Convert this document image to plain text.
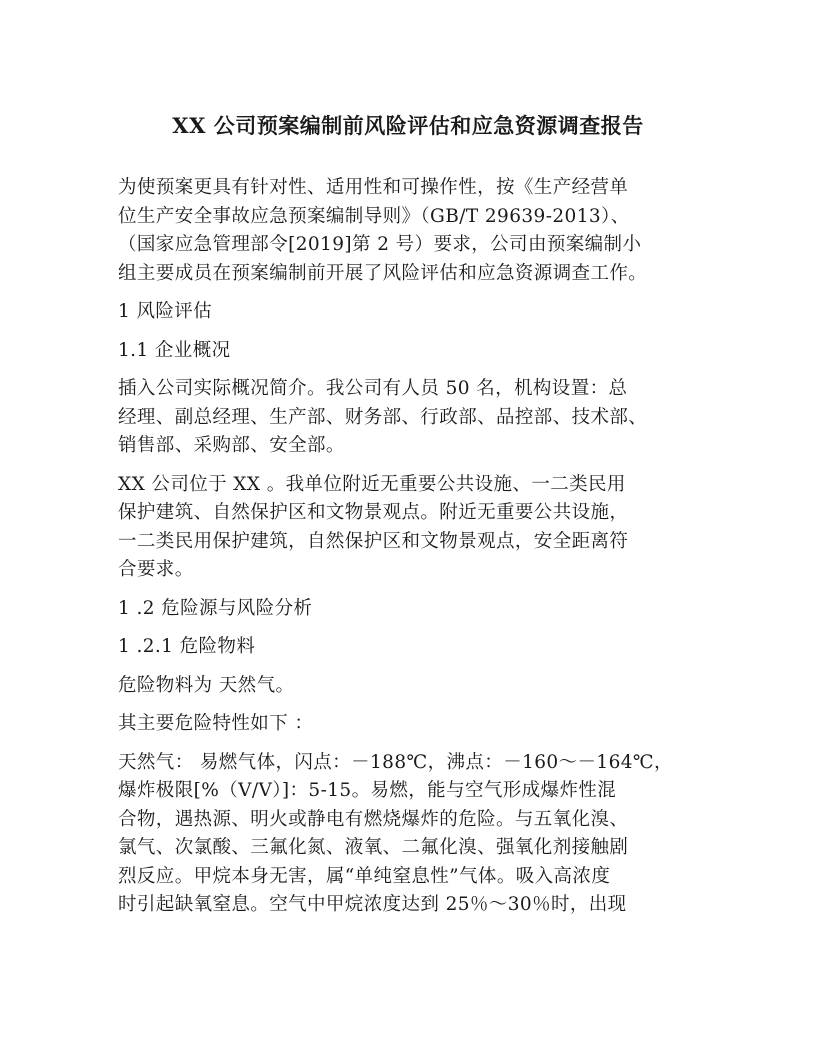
XX 公司预案编制前风险评估和应急资源调查报告

为使预案更具有针对性、适用性和可操作性，按《生产经营单
位生产安全事故应急预案编制导则》（GB/T 29639-2013）、
（国家应急管理部令[2019]第 2 号）要求，公司由预案编制小
组主要成员在预案编制前开展了风险评估和应急资源调查工作。

1 风险评估

1.1 企业概况

插入公司实际概况简介。我公司有人员 50 名，机构设置：总
经理、副总经理、生产部、财务部、行政部、品控部、技术部、
销售部、采购部、安全部。

XX 公司位于 XX 。我单位附近无重要公共设施、一二类民用
保护建筑、自然保护区和文物景观点。附近无重要公共设施，
一二类民用保护建筑，自然保护区和文物景观点，安全距离符
合要求。

1 .2 危险源与风险分析

1 .2.1 危险物料

危险物料为 天然气。

其主要危险特性如下 ：

天然气： 易燃气体，闪点：－188℃，沸点：－160～－164℃，
爆炸极限[%（V/V）]：5-15。易燃，能与空气形成爆炸性混
合物，遇热源、明火或静电有燃烧爆炸的危险。与五氧化溴、
氯气、次氯酸、三氟化氮、液氧、二氟化溴、强氧化剂接触剧
烈反应。甲烷本身无害，属“单纯窒息性”气体。吸入高浓度
时引起缺氧窒息。空气中甲烷浓度达到 25％～30％时，出现
